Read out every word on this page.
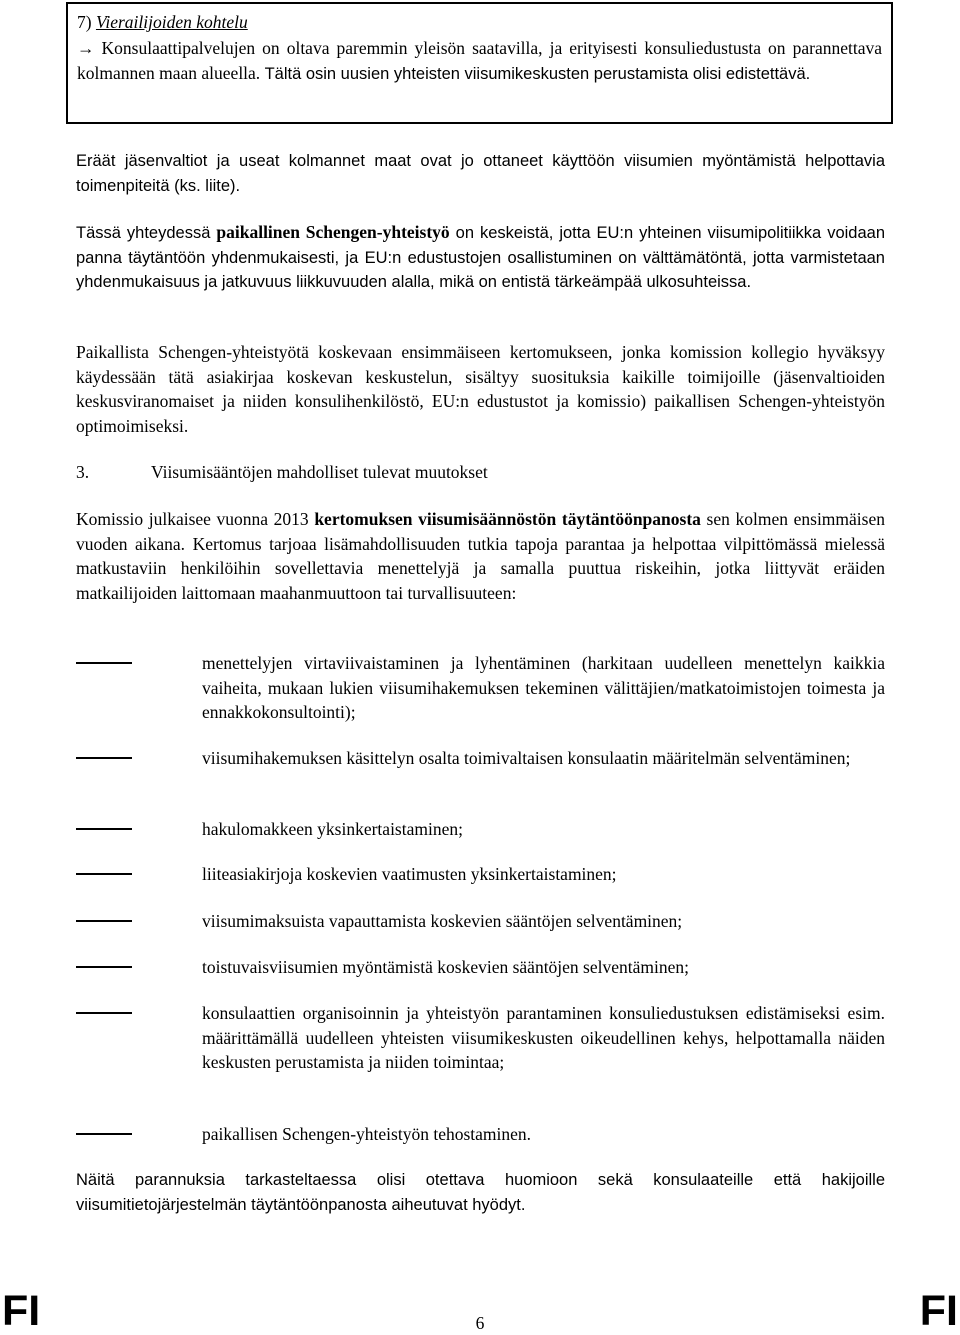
7) Vierailijoiden kohtelu
→ Konsulaattipalvelujen on oltava paremmin yleisön saatavilla, ja erityisesti konsuliedustusta on parannettava kolmannen maan alueella. Tältä osin uusien yhteisten viisumikeskusten perustamista olisi edistettävä.
Eräät jäsenvaltiot ja useat kolmannet maat ovat jo ottaneet käyttöön viisumien myöntämistä helpottavia toimenpiteitä (ks. liite).
Tässä yhteydessä paikallinen Schengen-yhteistyö on keskeistä, jotta EU:n yhteinen viisumipolitiikka voidaan panna täytäntöön yhdenmukaisesti, ja EU:n edustustojen osallistuminen on välttämätöntä, jotta varmistetaan yhdenmukaisuus ja jatkuvuus liikkuvuuden alalla, mikä on entistä tärkeämpää ulkosuhteissa.
Paikallista Schengen-yhteistyötä koskevaan ensimmäiseen kertomukseen, jonka komission kollegio hyväksyy käydessään tätä asiakirjaa koskevan keskustelun, sisältyy suosituksia kaikille toimijoille (jäsenvaltioiden keskusviranomaiset ja niiden konsulihenkilöstö, EU:n edustustot ja komissio) paikallisen Schengen-yhteistyön optimoimiseksi.
3.	Viisumisääntöjen mahdolliset tulevat muutokset
Komissio julkaisee vuonna 2013 kertomuksen viisumisäännöstön täytäntöönpanosta sen kolmen ensimmäisen vuoden aikana. Kertomus tarjoaa lisämahdollisuuden tutkia tapoja parantaa ja helpottaa vilpittömässä mielessä matkustaviin henkilöihin sovellettavia menettelyjä ja samalla puuttua riskeihin, jotka liittyvät eräiden matkailijoiden laittomaan maahanmuuttoon tai turvallisuuteen:
menettelyjen virtaviivaistaminen ja lyhentäminen (harkitaan uudelleen menettelyn kaikkia vaiheita, mukaan lukien viisumihakemuksen tekeminen välittäjien/matkatoimistojen toimesta ja ennakkokonsultointi);
viisumihakemuksen käsittelyn osalta toimivaltaisen konsulaatin määritelmän selventäminen;
hakulomakkeen yksinkertaistaminen;
liiteasiakirjoja koskevien vaatimusten yksinkertaistaminen;
viisumimaksuista vapauttamista koskevien sääntöjen selventäminen;
toistuvaisviisumien myöntämistä koskevien sääntöjen selventäminen;
konsulaattien organisoinnin ja yhteistyön parantaminen konsuliedustuksen edistämiseksi esim. määrittämällä uudelleen yhteisten viisumikeskusten oikeudellinen kehys, helpottamalla näiden keskusten perustamista ja niiden toimintaa;
paikallisen Schengen-yhteistyön tehostaminen.
Näitä parannuksia tarkasteltaessa olisi otettava huomioon sekä konsulaateille että hakijoille viisumitietojärjestelmän täytäntöönpanosta aiheutuvat hyödyt.
FI	6	FI
